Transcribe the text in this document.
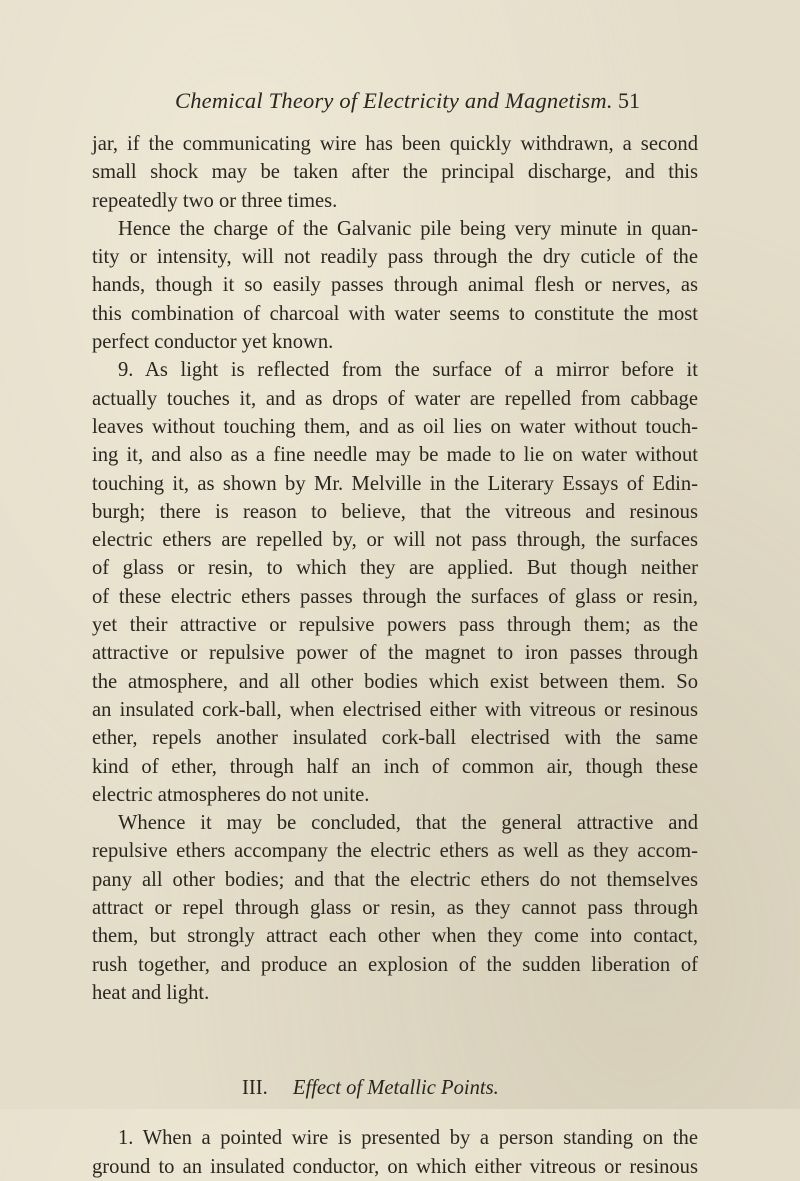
Chemical Theory of Electricity and Magnetism. 51
jar, if the communicating wire has been quickly withdrawn, a second
small shock may be taken after the principal discharge, and this
repeatedly two or three times.
Hence the charge of the Galvanic pile being very minute in quan-
tity or intensity, will not readily pass through the dry cuticle of the
hands, though it so easily passes through animal flesh or nerves, as
this combination of charcoal with water seems to constitute the most
perfect conductor yet known.
9. As light is reflected from the surface of a mirror before it
actually touches it, and as drops of water are repelled from cabbage
leaves without touching them, and as oil lies on water without touch-
ing it, and also as a fine needle may be made to lie on water without
touching it, as shown by Mr. Melville in the Literary Essays of Edin-
burgh; there is reason to believe, that the vitreous and resinous
electric ethers are repelled by, or will not pass through, the surfaces
of glass or resin, to which they are applied. But though neither
of these electric ethers passes through the surfaces of glass or resin,
yet their attractive or repulsive powers pass through them; as the
attractive or repulsive power of the magnet to iron passes through
the atmosphere, and all other bodies which exist between them. So
an insulated cork-ball, when electrised either with vitreous or resinous
ether, repels another insulated cork-ball electrised with the same
kind of ether, through half an inch of common air, though these
electric atmospheres do not unite.
Whence it may be concluded, that the general attractive and
repulsive ethers accompany the electric ethers as well as they accom-
pany all other bodies; and that the electric ethers do not themselves
attract or repel through glass or resin, as they cannot pass through
them, but strongly attract each other when they come into contact,
rush together, and produce an explosion of the sudden liberation of
heat and light.
III. Effect of Metallic Points.
1. When a pointed wire is presented by a person standing on the
ground to an insulated conductor, on which either vitreous or resinous
